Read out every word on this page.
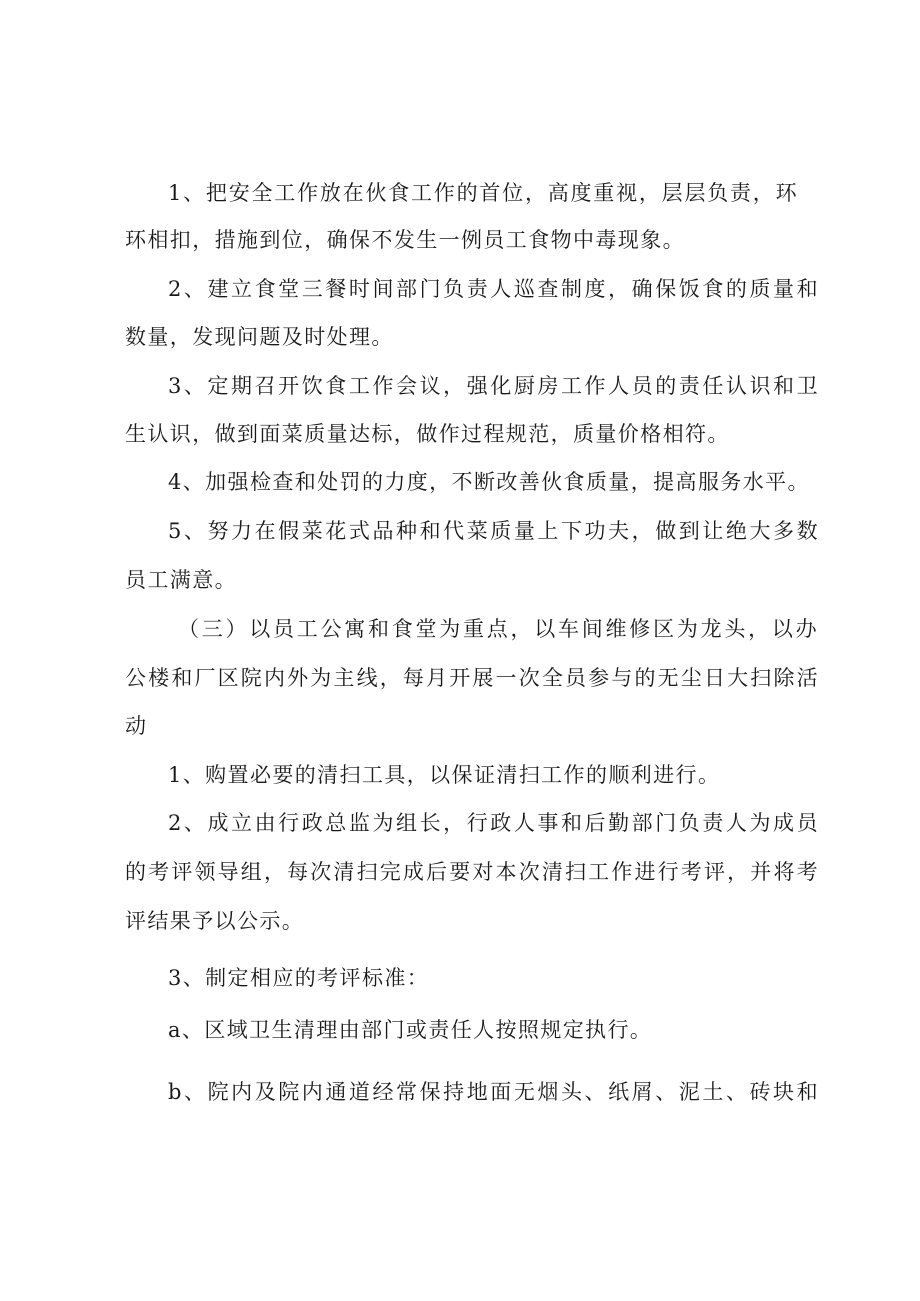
1、把安全工作放在伙食工作的首位，高度重视，层层负责，环
环相扣，措施到位，确保不发生一例员工食物中毒现象。
2、建立食堂三餐时间部门负责人巡查制度，确保饭食的质量和
数量，发现问题及时处理。
3、定期召开饮食工作会议，强化厨房工作人员的责任认识和卫
生认识，做到面菜质量达标，做作过程规范，质量价格相符。
4、加强检查和处罚的力度，不断改善伙食质量，提高服务水平。
5、努力在假菜花式品种和代菜质量上下功夫，做到让绝大多数
员工满意。
（三）以员工公寓和食堂为重点，以车间维修区为龙头，以办
公楼和厂区院内外为主线，每月开展一次全员参与的无尘日大扫除活
动
1、购置必要的清扫工具，以保证清扫工作的顺利进行。
2、成立由行政总监为组长，行政人事和后勤部门负责人为成员
的考评领导组，每次清扫完成后要对本次清扫工作进行考评，并将考
评结果予以公示。
3、制定相应的考评标准：
a、区域卫生清理由部门或责任人按照规定执行。
b、院内及院内通道经常保持地面无烟头、纸屑、泥土、砖块和
